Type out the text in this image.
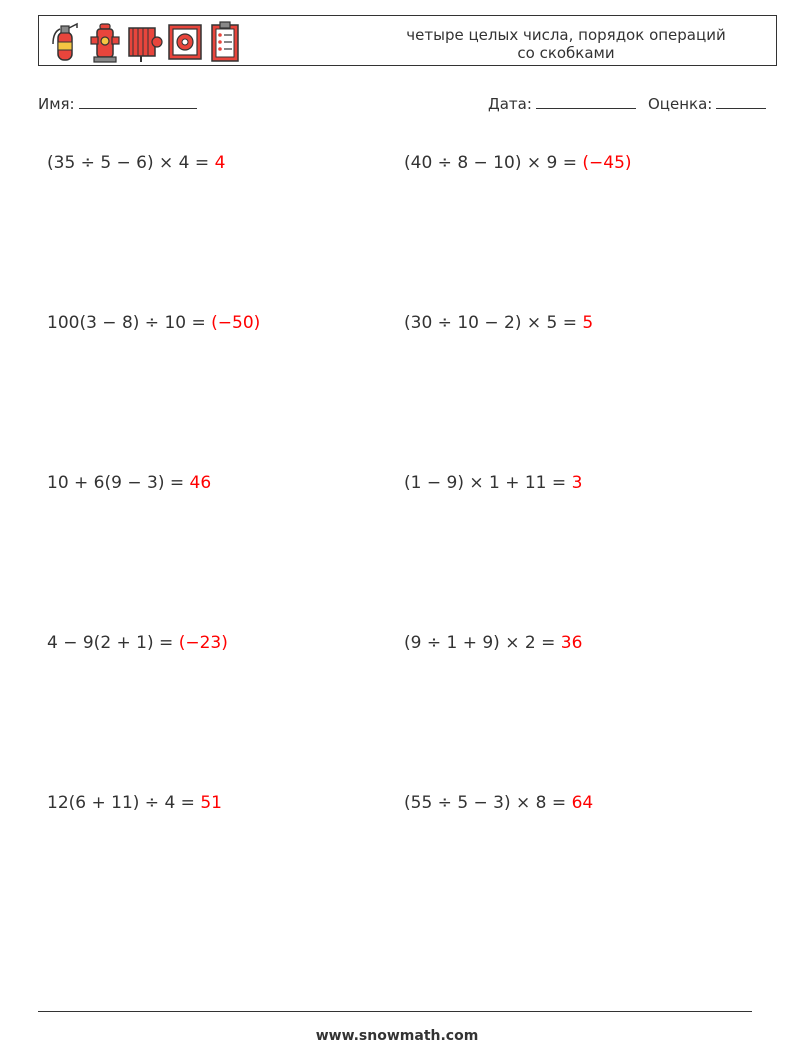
четыре целых числа, порядок операций
со скобками
Имя:	Дата:	Оценка:
(35 ÷ 5 − 6) × 4 = 4	(40 ÷ 8 − 10) × 9 = (−45)
100(3 − 8) ÷ 10 = (−50)	(30 ÷ 10 − 2) × 5 = 5
10 + 6(9 − 3) = 46	(1 − 9) × 1 + 11 = 3
4 − 9(2 + 1) = (−23)	(9 ÷ 1 + 9) × 2 = 36
12(6 + 11) ÷ 4 = 51	(55 ÷ 5 − 3) × 8 = 64
www.snowmath.com
